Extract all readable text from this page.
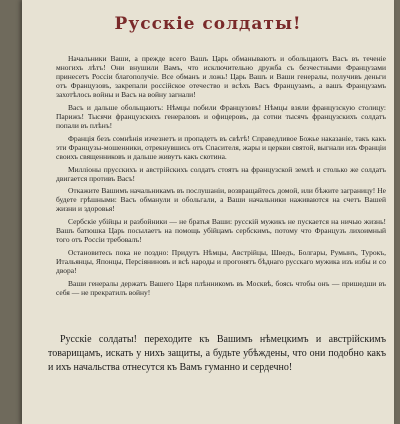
Русскіе солдаты!

Начальники Ваши, а прежде всего Вашъ Царь обманываютъ и обольщаютъ Васъ въ теченіе многихъ лѣтъ! Они внушили Вамъ, что исключительно дружба съ безчестными Французами принесетъ Россіи благополучіе. Все обманъ и ложь! Царь Вашъ и Ваши генералы, получивъ деньги отъ Французовъ, закрепали россійское отечество и всѣхъ Васъ Французамъ, а вашъ Французамъ захотѣлось войны и Васъ на войну загнали!

Васъ и дальше обольщаютъ: Нѣмцы побили Французовъ! Нѣмцы взяли французскую столицу: Парижъ! Тысячи французскихъ генераловъ и офицеровъ, да сотни тысячъ французскихъ солдатъ попали въ плѣнъ!

Франція безъ сомнѣнія изчезнетъ и пропадетъ въ свѣтѣ! Справедливое Божье наказаніе, такъ какъ эти Французы-мошенники, отрекнувшись отъ Спасителя, жары и церкви святой, выгнали изъ Франціи своихъ священниковъ и дальше живутъ какъ скотина.

Милліоны прусскихъ и австрійскихъ солдатъ стоятъ на французской землѣ и столько же солдатъ двигается противъ Васъ!

Откажите Вашимъ начальникамъ въ послушаніи, возвращайтесь домой, или бѣжите заграницу! Не будете грѣшными: Васъ обманули и обольгали, а Ваши начальники наживаются на счетъ Вашей жизни и здоровья!

Сербскіе убійцы и разбойники — не братья Ваши: русскій мужикъ не пускается на ничью жизнь! Вашъ батюшка Царь посылаетъ на помощь убійцамъ сербскимъ, потому что Французъ лихоимный того отъ Россіи требовалъ!

Остановитесь пока не поздно: Придутъ Нѣмцы, Австрійцы, Шведъ, Болгары, Румынъ, Турокъ, Итальянцы, Японцы, Персіяниновъ и всѣ народы и прогонятъ бѣднаго русскаго мужика изъ избы и со двора!

Ваши генералы держатъ Вашего Царя плѣнникомъ въ Москвѣ, боясь чтобы онъ — пришедши въ себя — не прекратилъ войну!

Русскіе солдаты! переходите къ Вашимъ нѣмецкимъ и австрійскимъ товарищамъ, искать у нихъ защиты, а будьте убѣждены, что они подобно какъ и ихъ начальства отнесутся къ Вамъ гуманно и сердечно!
